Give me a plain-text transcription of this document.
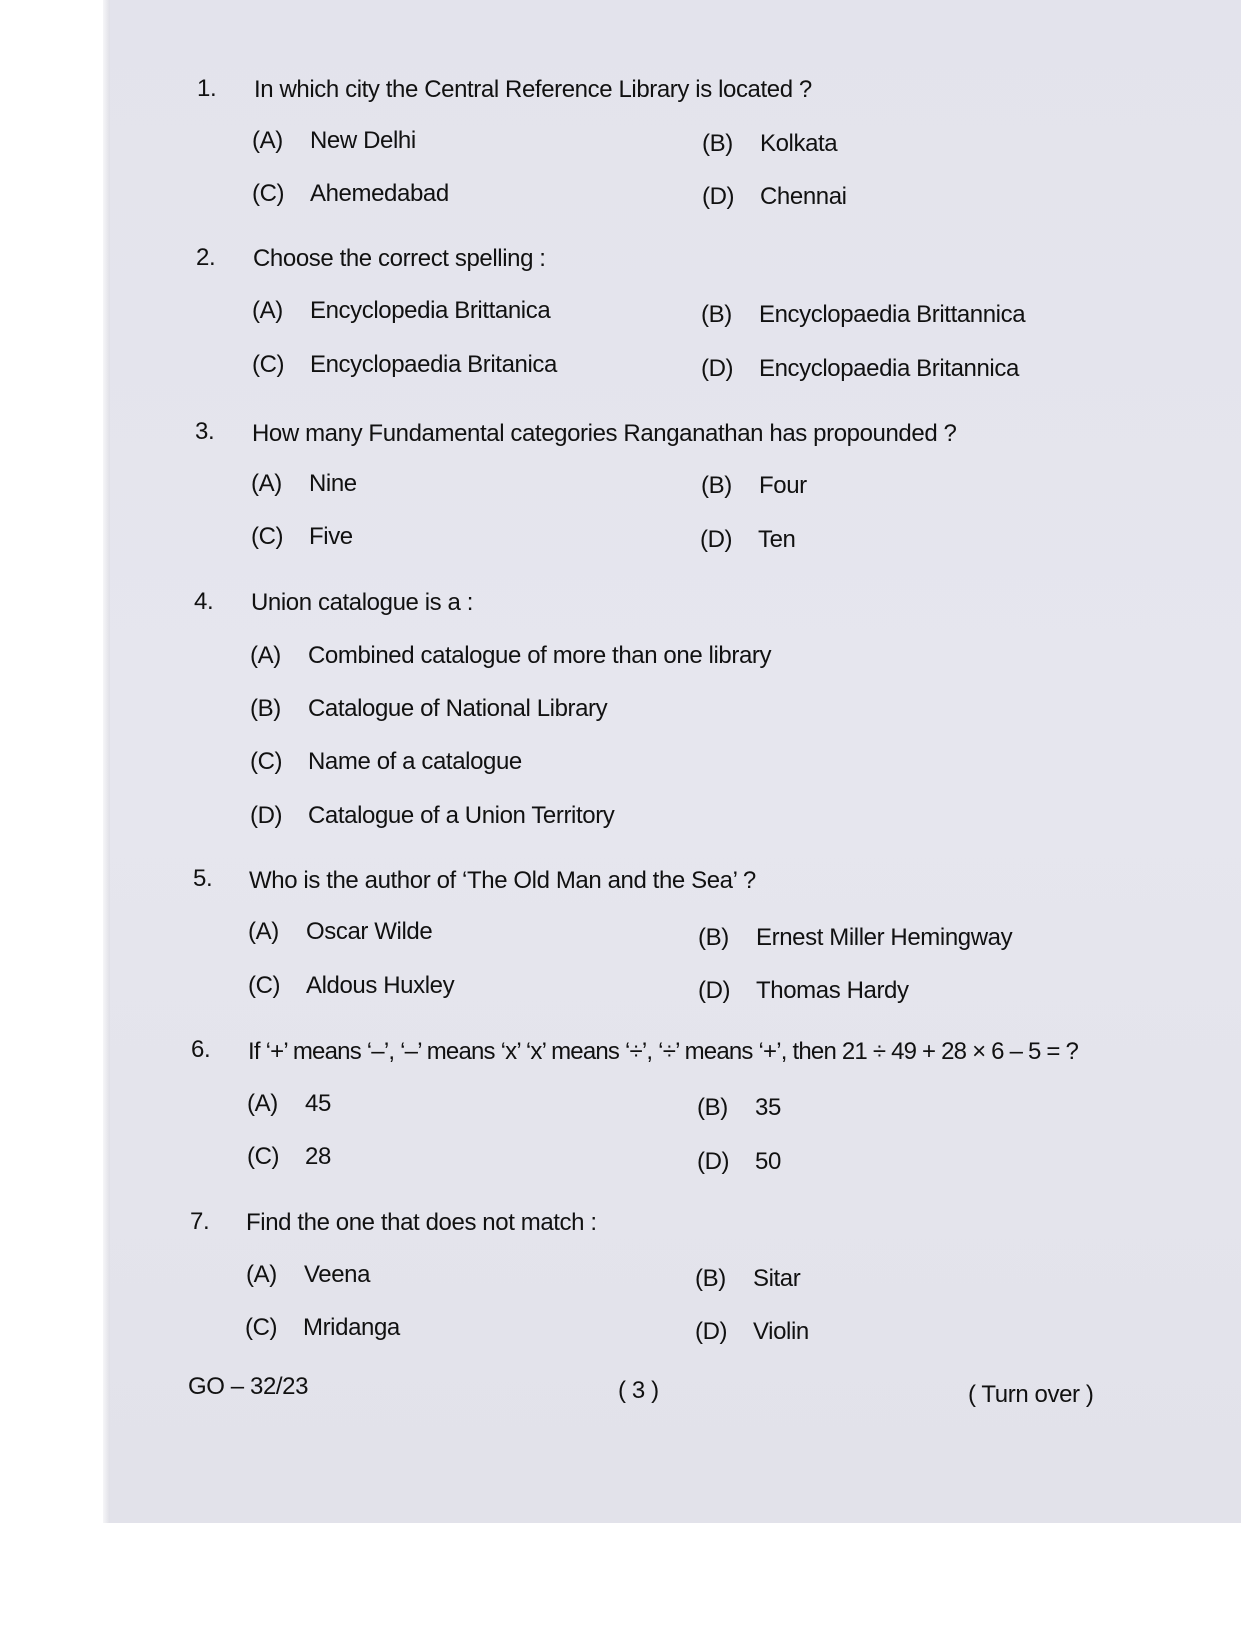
1. In which city the Central Reference Library is located ?
(A) New Delhi	(B) Kolkata
(C) Ahemedabad	(D) Chennai
2. Choose the correct spelling :
(A) Encyclopedia Brittanica	(B) Encyclopaedia Brittannica
(C) Encyclopaedia Britanica	(D) Encyclopaedia Britannica
3. How many Fundamental categories Ranganathan has propounded ?
(A) Nine	(B) Four
(C) Five	(D) Ten
4. Union catalogue is a :
(A) Combined catalogue of more than one library
(B) Catalogue of National Library
(C) Name of a catalogue
(D) Catalogue of a Union Territory
5. Who is the author of ‘The Old Man and the Sea’ ?
(A) Oscar Wilde	(B) Ernest Miller Hemingway
(C) Aldous Huxley	(D) Thomas Hardy
6. If ‘+’ means ‘–’, ‘–’ means ‘x’ ‘x’ means ‘÷’, ‘÷’ means ‘+’, then 21 ÷ 49 + 28 × 6 – 5 = ?
(A) 45	(B) 35
(C) 28	(D) 50
7. Find the one that does not match :
(A) Veena	(B) Sitar
(C) Mridanga	(D) Violin
GO – 32/23	( 3 )	( Turn over )
